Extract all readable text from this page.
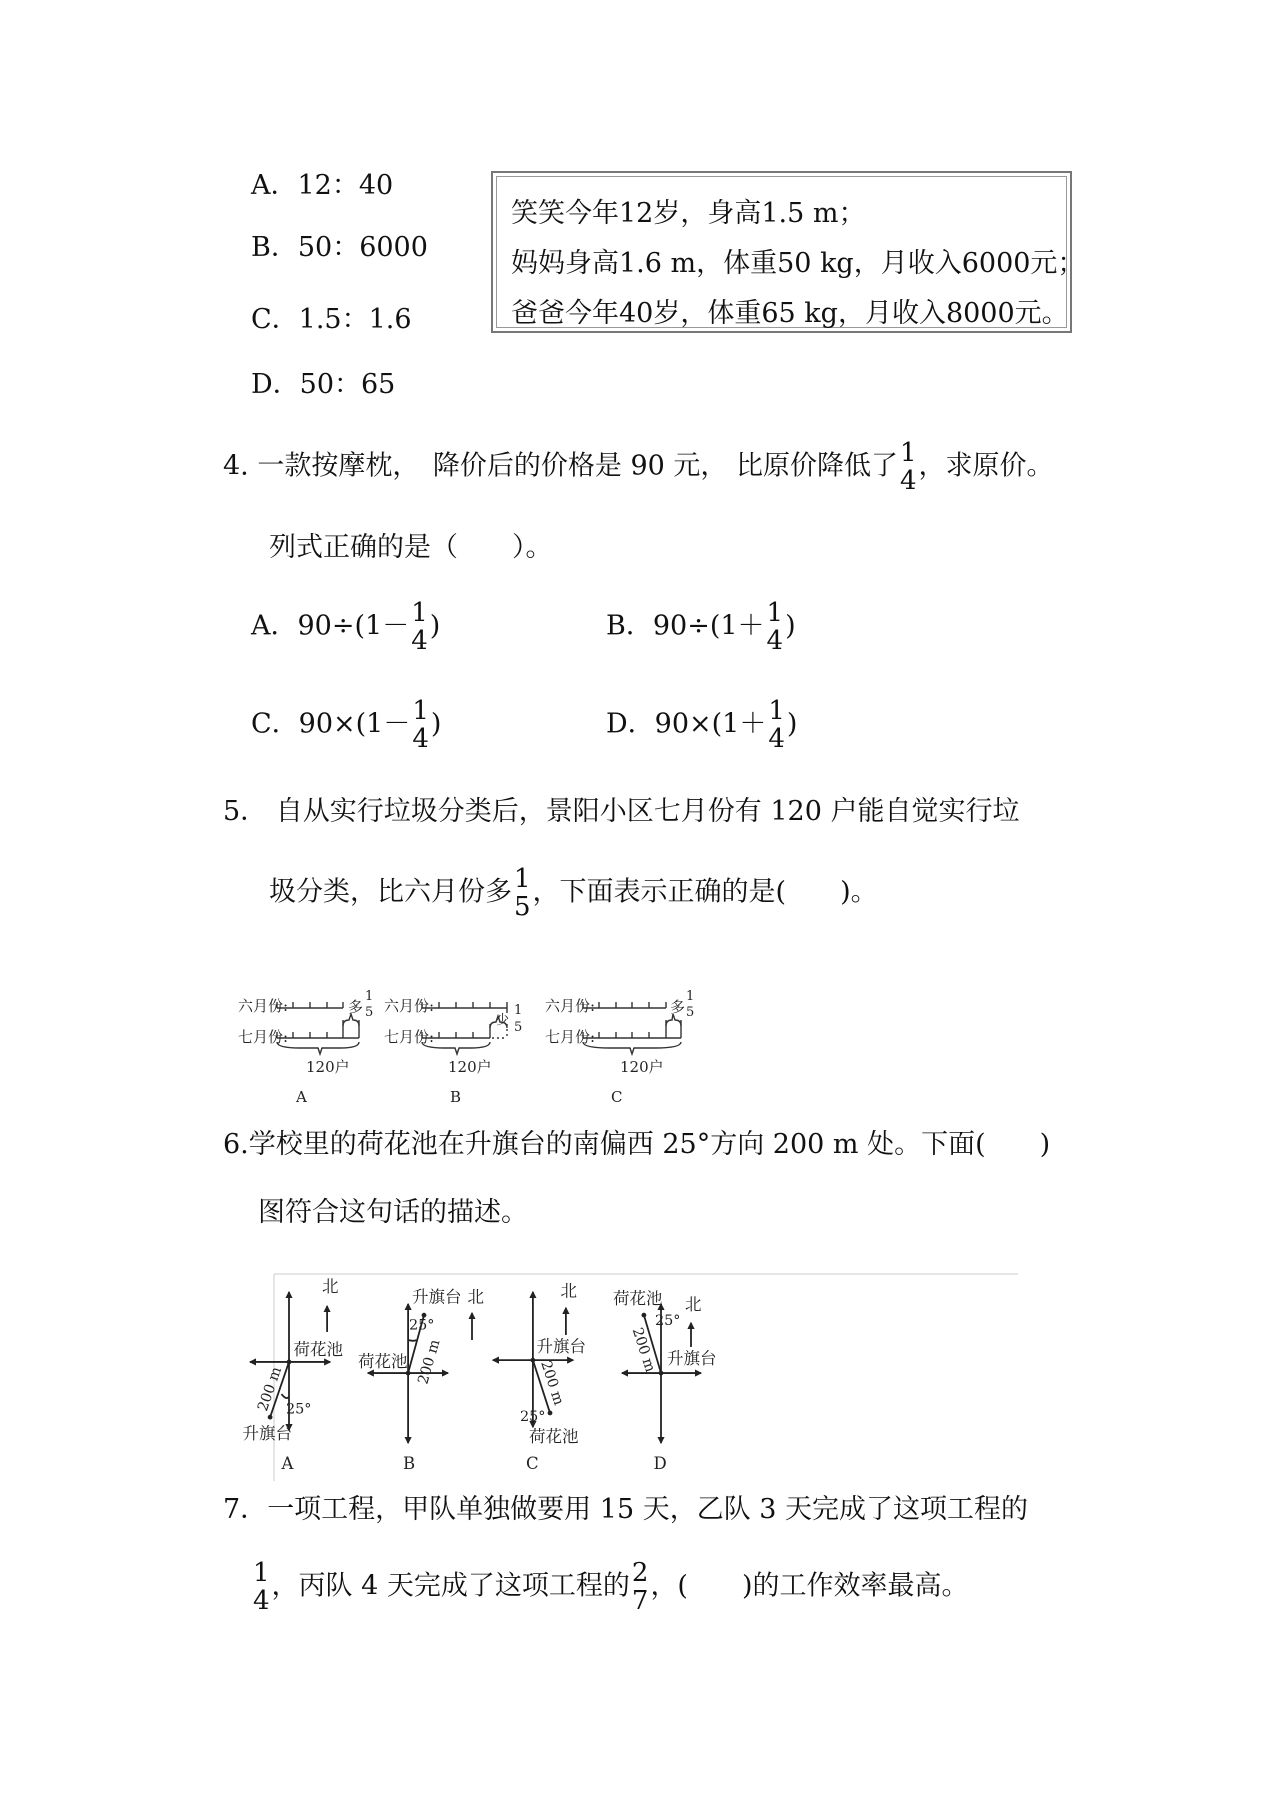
A．12：40
B．50：6000
C．1.5：1.6
D．50：65
笑笑今年12岁，身高1.5 m；
妈妈身高1.6 m，体重50 kg，月收入6000元；
爸爸今年40岁，体重65 kg，月收入8000元。
4. 一款按摩枕，　降价后的价格是 90 元， 比原价降低了 1
4 ，求原价。
列式正确的是（　　）。
A．90÷(1－ 1
4 )	B．90÷(1＋ 1
4 )
C．90×(1－ 1
4 )	D．90×(1＋ 1
4 )
5． 自从实行垃圾分类后，景阳小区七月份有 120 户能自觉实行垃
圾分类，比六月份多 1
5 ，下面表示正确的是(　　)。
六月份:
七月份:
多
1
5
120户
A
六月份:
七月份:
少
1
5
120户
B
六月份:
七月份:
多
1
5
120户
C
6.学校里的荷花池在升旗台的南偏西 25°方向 200 m 处。下面(　　)
图符合这句话的描述。
北
荷花池
25°
200 m
升旗台
A
升旗台 北
25°
200 m
荷花池
B
北
升旗台
200 m
25°
荷花池
C
荷花池
25°
200 m
北
升旗台
D
7．一项工程，甲队单独做要用 15 天，乙队 3 天完成了这项工程的
1
4 ，丙队 4 天完成了这项工程的 2
7 ，(　　)的工作效率最高。
